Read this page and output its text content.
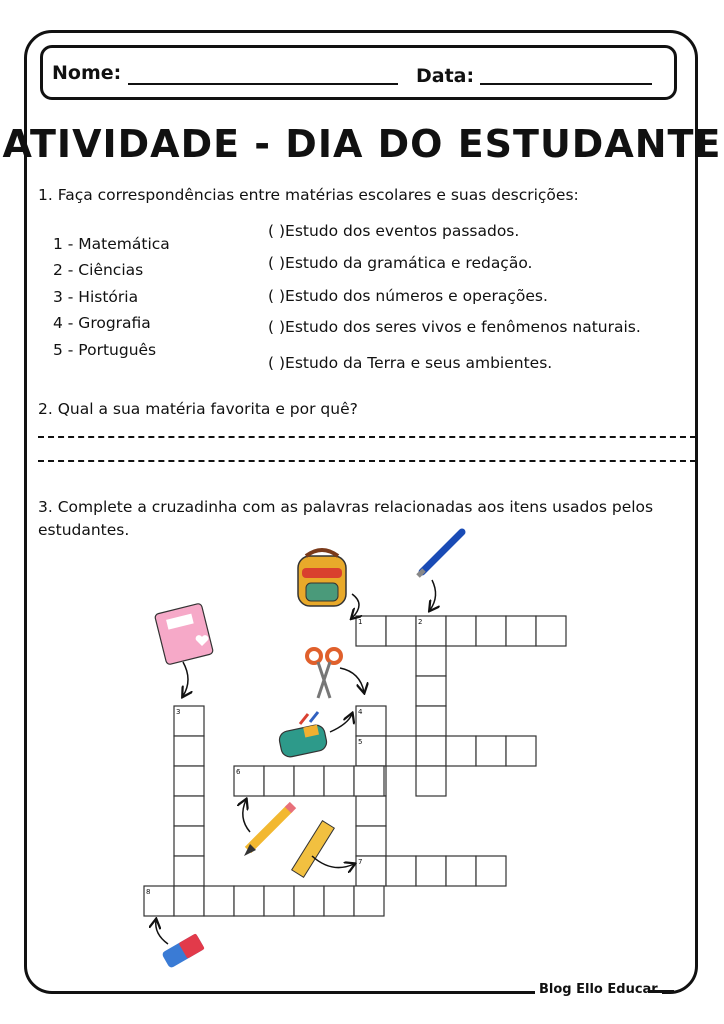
Nome:	Data:
ATIVIDADE - DIA DO ESTUDANTE
1. Faça correspondências entre matérias escolares e suas descrições:
1 - Matemática
2 - Ciências
3 - História
4 - Grografia
5 - Português
( )Estudo dos eventos passados.
( )Estudo da gramática e redação.
( )Estudo dos números e operações.
( )Estudo dos seres vivos e fenômenos naturais.
( )Estudo da Terra e seus ambientes.
2. Qual a sua matéria favorita e por quê?
3. Complete a cruzadinha com as palavras relacionadas aos itens usados pelos estudantes.
1	2
3	4
5
6
7
8
Blog Ello Educar
